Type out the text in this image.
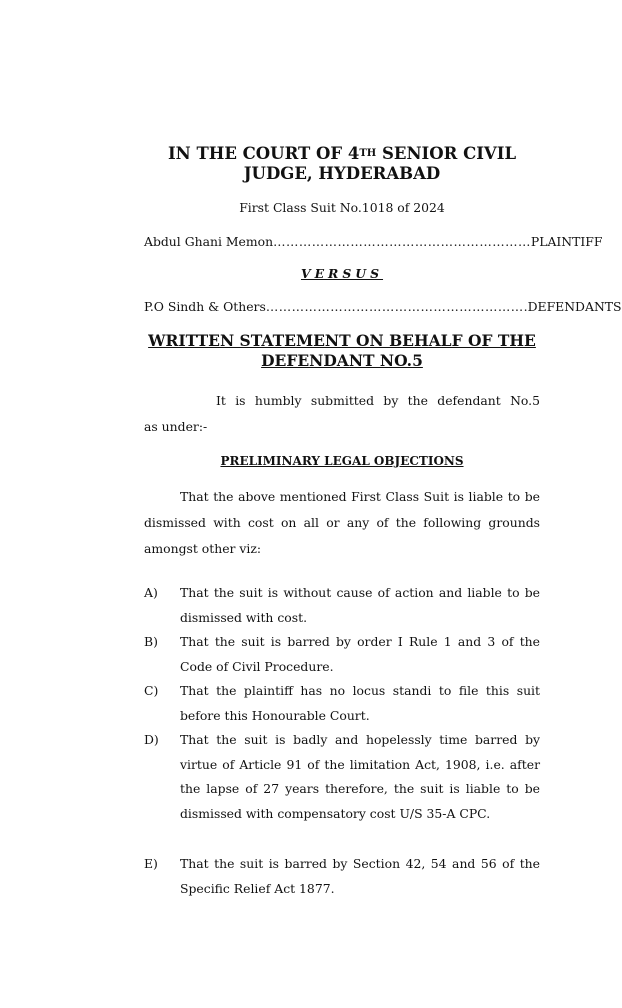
IN THE COURT OF 4TH SENIOR CIVIL
JUDGE, HYDERABAD
First Class Suit No.1018 of 2024
Abdul Ghani Memon …………………………………………………… PLAINTIFF
VERSUS
P.O Sindh & Others …………………………………………………… .DEFENDANTS
WRITTEN STATEMENT ON BEHALF OF THE
DEFENDANT NO.5
It is humbly submitted by the defendant No.5
as under:-
PRELIMINARY LEGAL OBJECTIONS
That the above mentioned First Class Suit is liable to be dismissed with cost on all or any of the following grounds amongst other viz:
A)	That the suit is without cause of action and liable to be dismissed with cost.
B)	That the suit is barred by order I Rule 1 and 3 of the Code of Civil Procedure.
C)	That the plaintiff has no locus standi to file this suit before this Honourable Court.
D)	That the suit is badly and hopelessly time barred by virtue of Article 91 of the limitation Act, 1908, i.e. after the lapse of 27 years therefore, the suit is liable to be dismissed with compensatory cost U/S 35-A CPC.
E)	That the suit is barred by Section 42, 54 and 56 of the Specific Relief Act 1877.
